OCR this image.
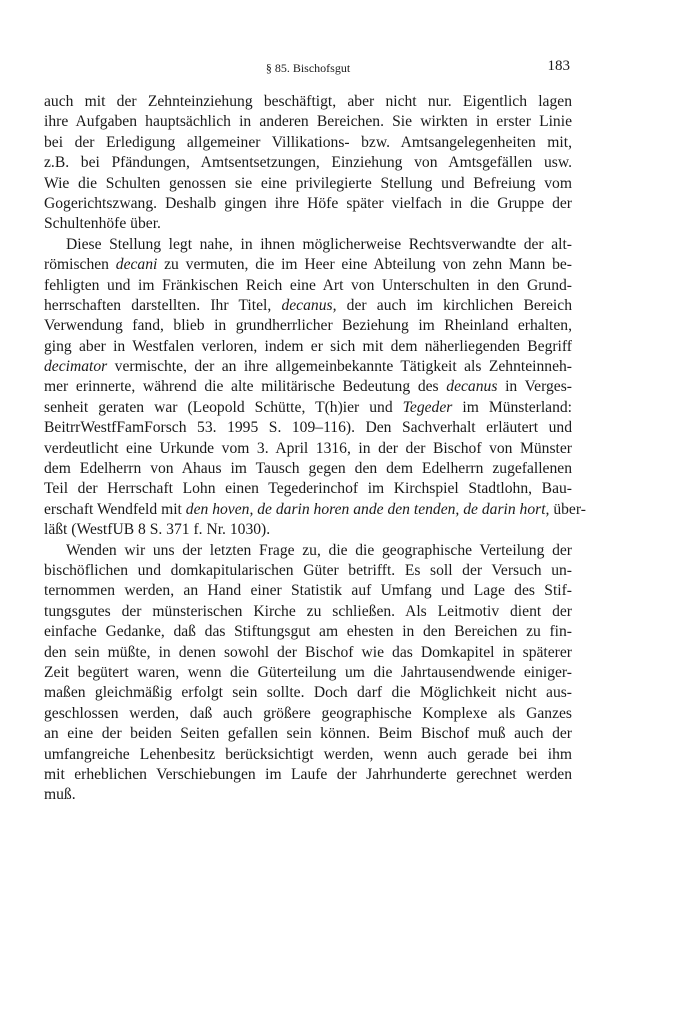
§ 85. Bischofsgut	183
auch mit der Zehnteinziehung beschäftigt, aber nicht nur. Eigentlich lagen
ihre Aufgaben hauptsächlich in anderen Bereichen. Sie wirkten in erster Linie
bei der Erledigung allgemeiner Villikations- bzw. Amtsangelegenheiten mit,
z.B. bei Pfändungen, Amtsentsetzungen, Einziehung von Amtsgefällen usw.
Wie die Schulten genossen sie eine privilegierte Stellung und Befreiung vom
Gogerichtszwang. Deshalb gingen ihre Höfe später vielfach in die Gruppe der
Schultenhöfe über.
Diese Stellung legt nahe, in ihnen möglicherweise Rechtsverwandte der alt-
römischen decani zu vermuten, die im Heer eine Abteilung von zehn Mann be-
fehligten und im Fränkischen Reich eine Art von Unterschulten in den Grund-
herrschaften darstellten. Ihr Titel, decanus, der auch im kirchlichen Bereich
Verwendung fand, blieb in grundherrlicher Beziehung im Rheinland erhalten,
ging aber in Westfalen verloren, indem er sich mit dem näherliegenden Begriff
decimator vermischte, der an ihre allgemeinbekannte Tätigkeit als Zehnteinneh-
mer erinnerte, während die alte militärische Bedeutung des decanus in Verges-
senheit geraten war (Leopold Schütte, T(h)ier und Tegeder im Münsterland:
BeitrrWestfFamForsch 53. 1995 S. 109–116). Den Sachverhalt erläutert und
verdeutlicht eine Urkunde vom 3. April 1316, in der der Bischof von Münster
dem Edelherrn von Ahaus im Tausch gegen den dem Edelherrn zugefallenen
Teil der Herrschaft Lohn einen Tegederinchof im Kirchspiel Stadtlohn, Bau-
erschaft Wendfeld mit den hoven, de darin horen ande den tenden, de darin hort, über-
läßt (WestfUB 8 S. 371 f. Nr. 1030).
Wenden wir uns der letzten Frage zu, die die geographische Verteilung der
bischöflichen und domkapitularischen Güter betrifft. Es soll der Versuch un-
ternommen werden, an Hand einer Statistik auf Umfang und Lage des Stif-
tungsgutes der münsterischen Kirche zu schließen. Als Leitmotiv dient der
einfache Gedanke, daß das Stiftungsgut am ehesten in den Bereichen zu fin-
den sein müßte, in denen sowohl der Bischof wie das Domkapitel in späterer
Zeit begütert waren, wenn die Güterteilung um die Jahrtausendwende einiger-
maßen gleichmäßig erfolgt sein sollte. Doch darf die Möglichkeit nicht aus-
geschlossen werden, daß auch größere geographische Komplexe als Ganzes
an eine der beiden Seiten gefallen sein können. Beim Bischof muß auch der
umfangreiche Lehenbesitz berücksichtigt werden, wenn auch gerade bei ihm
mit erheblichen Verschiebungen im Laufe der Jahrhunderte gerechnet werden
muß.
